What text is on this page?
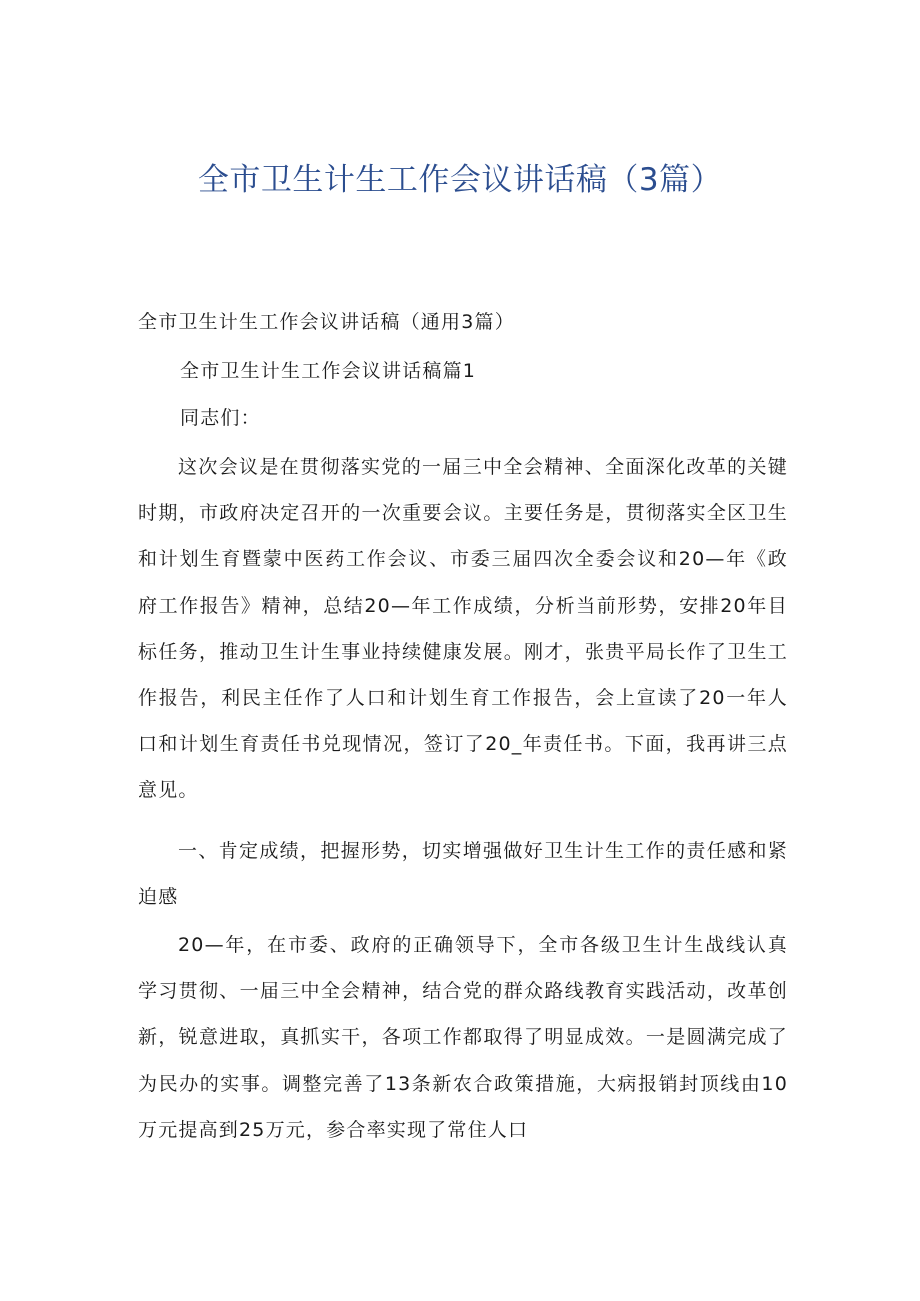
全市卫生计生工作会议讲话稿（3篇）

全市卫生计生工作会议讲话稿（通用3篇）

全市卫生计生工作会议讲话稿篇1

同志们：

这次会议是在贯彻落实党的一届三中全会精神、全面深化改革的关键时期，市政府决定召开的一次重要会议。主要任务是，贯彻落实全区卫生和计划生育暨蒙中医药工作会议、市委三届四次全委会议和20—年《政府工作报告》精神，总结20—年工作成绩，分析当前形势，安排20年目标任务，推动卫生计生事业持续健康发展。刚才，张贵平局长作了卫生工作报告，利民主任作了人口和计划生育工作报告，会上宣读了20一年人口和计划生育责任书兑现情况，签订了20_年责任书。下面，我再讲三点意见。

一、肯定成绩，把握形势，切实增强做好卫生计生工作的责任感和紧迫感

20—年，在市委、政府的正确领导下，全市各级卫生计生战线认真学习贯彻、一届三中全会精神，结合党的群众路线教育实践活动，改革创新，锐意进取，真抓实干，各项工作都取得了明显成效。一是圆满完成了为民办的实事。调整完善了13条新农合政策措施，大病报销封顶线由10万元提高到25万元，参合率实现了常住人口
